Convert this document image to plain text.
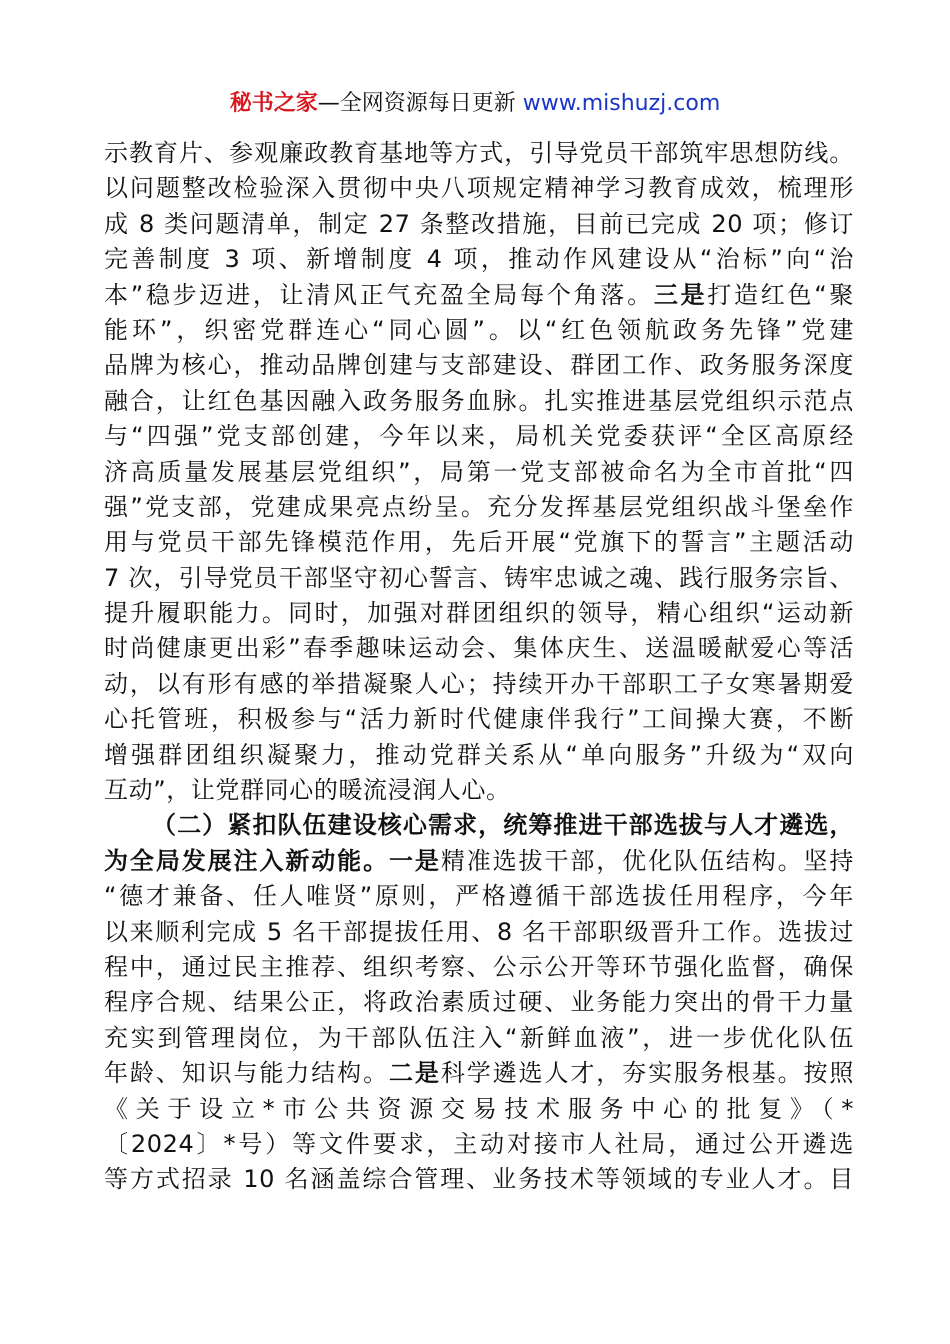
秘书之家—全网资源每日更新 www.mishuzj.com
示教育片、参观廉政教育基地等方式，引导党员干部筑牢思想防线。
以问题整改检验深入贯彻中央八项规定精神学习教育成效，梳理形
成 8 类问题清单，制定 27 条整改措施，目前已完成 20 项；修订
完善制度 3 项、新增制度 4 项，推动作风建设从“治标”向“治
本”稳步迈进，让清风正气充盈全局每个角落。三是打造红色“聚
能环”，织密党群连心“同心圆”。以“红色领航政务先锋”党建
品牌为核心，推动品牌创建与支部建设、群团工作、政务服务深度
融合，让红色基因融入政务服务血脉。扎实推进基层党组织示范点
与“四强”党支部创建，今年以来，局机关党委获评“全区高原经
济高质量发展基层党组织”，局第一党支部被命名为全市首批“四
强”党支部，党建成果亮点纷呈。充分发挥基层党组织战斗堡垒作
用与党员干部先锋模范作用，先后开展“党旗下的誓言”主题活动
7 次，引导党员干部坚守初心誓言、铸牢忠诚之魂、践行服务宗旨、
提升履职能力。同时，加强对群团组织的领导，精心组织“运动新
时尚健康更出彩”春季趣味运动会、集体庆生、送温暖献爱心等活
动，以有形有感的举措凝聚人心；持续开办干部职工子女寒暑期爱
心托管班，积极参与“活力新时代健康伴我行”工间操大赛，不断
增强群团组织凝聚力，推动党群关系从“单向服务”升级为“双向
互动”，让党群同心的暖流浸润人心。
（二）紧扣队伍建设核心需求，统筹推进干部选拔与人才遴选，
为全局发展注入新动能。一是精准选拔干部，优化队伍结构。坚持
“德才兼备、任人唯贤”原则，严格遵循干部选拔任用程序，今年
以来顺利完成 5 名干部提拔任用、8 名干部职级晋升工作。选拔过
程中，通过民主推荐、组织考察、公示公开等环节强化监督，确保
程序合规、结果公正，将政治素质过硬、业务能力突出的骨干力量
充实到管理岗位，为干部队伍注入“新鲜血液”，进一步优化队伍
年龄、知识与能力结构。二是科学遴选人才，夯实服务根基。按照
《关于设立*市公共资源交易技术服务中心的批复》（*
〔2024〕*号）等文件要求，主动对接市人社局，通过公开遴选
等方式招录 10 名涵盖综合管理、业务技术等领域的专业人才。目
